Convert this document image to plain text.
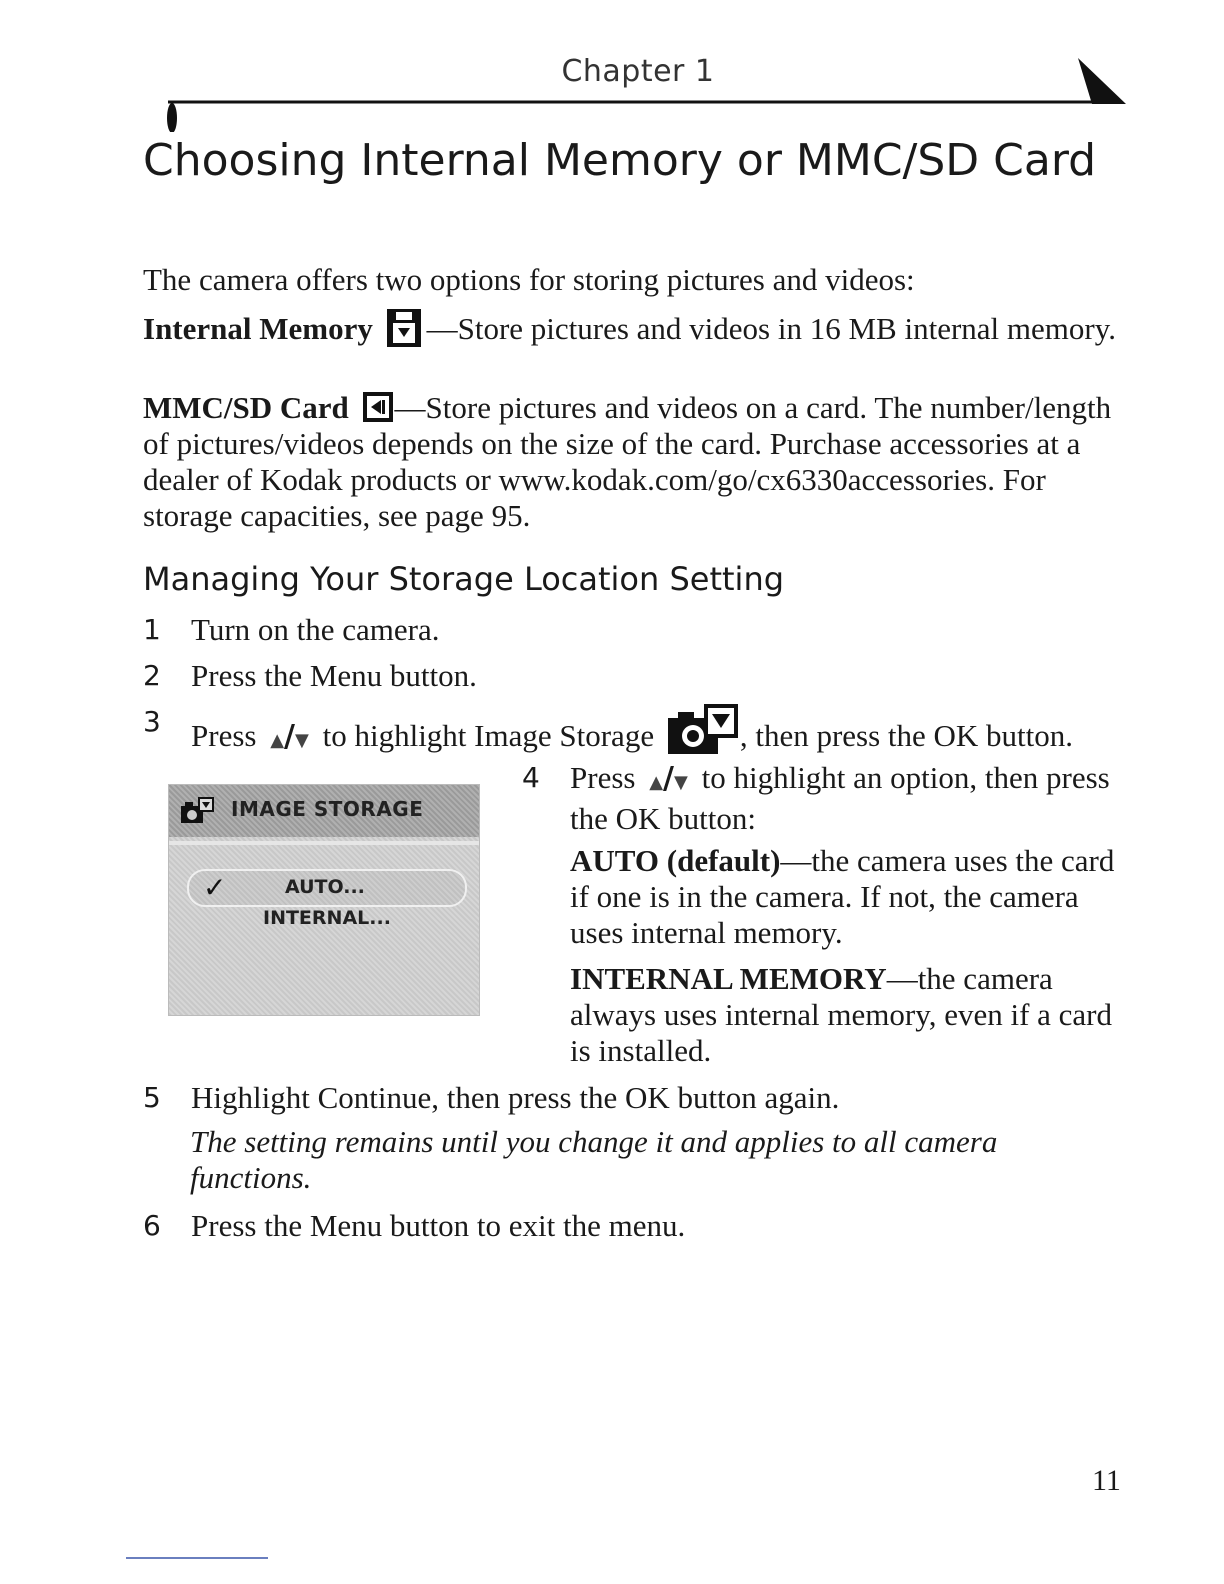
Chapter 1
Choosing Internal Memory or MMC/SD Card

The camera offers two options for storing pictures and videos:

Internal Memory —Store pictures and videos in 16 MB internal memory.

MMC/SD Card —Store pictures and videos on a card. The number/length of pictures/videos depends on the size of the card. Purchase accessories at a dealer of Kodak products or www.kodak.com/go/cx6330accessories. For storage capacities, see page 95.

Managing Your Storage Location Setting
1 Turn on the camera.
2 Press the Menu button.
3 Press ▲/▼ to highlight Image Storage	, then press the OK button.
IMAGE STORAGE
✓	AUTO...
INTERNAL...
4 Press ▲/▼ to highlight an option, then press the OK button:

AUTO (default)—the camera uses the card if one is in the camera. If not, the camera uses internal memory.

INTERNAL MEMORY—the camera always uses internal memory, even if a card is installed.

5 Highlight Continue, then press the OK button again.

The setting remains until you change it and applies to all camera functions.

6 Press the Menu button to exit the menu.
11
